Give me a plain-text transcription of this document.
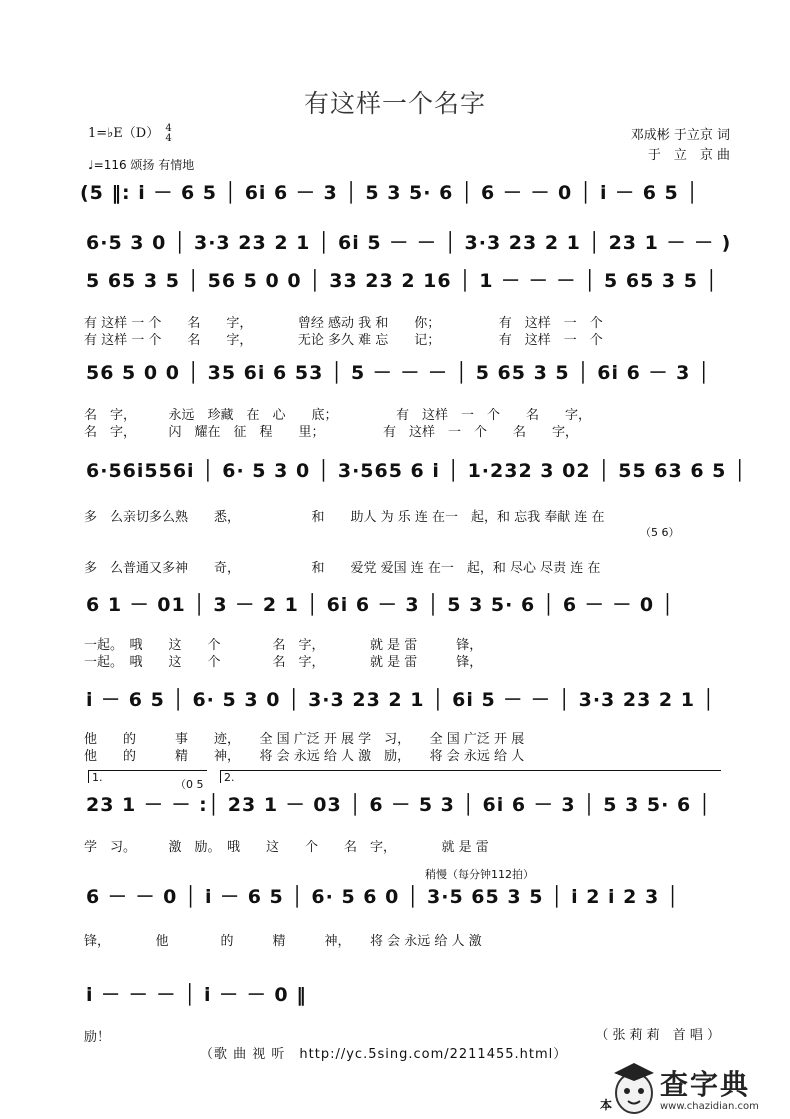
有这样一个名字
1=♭E（D） 4
4
♩=116 颂扬 有情地
邓成彬 于立京 词
于　立　京 曲
(5 ‖: i － 6 5 │ 6i 6 － 3 │ 5 3 5· 6 │ 6 － － 0 │ i － 6 5 │
6·5 3 0 │ 3·3 23 2 1 │ 6i 5 － － │ 3·3 23 2 1 │ 23 1 － － )
5 65 3 5 │ 56 5 0 0 │ 33 23 2 16 │ 1 － － － │ 5 65 3 5 │
56 5 0 0 │ 35 6i 6 53 │ 5 － － － │ 5 65 3 5 │ 6i 6 － 3 │
6·56i556i │ 6· 5 3 0 │ 3·565 6 i │ 1·232 3 02 │ 55 63 6 5 │
6 1 － 01 │ 3 － 2 1 │ 6i 6 － 3 │ 5 3 5· 6 │ 6 － － 0 │
i － 6 5 │ 6· 5 3 0 │ 3·3 23 2 1 │ 6i 5 － － │ 3·3 23 2 1 │
23 1 － － :│ 23 1 － 03 │ 6 － 5 3 │ 6i 6 － 3 │ 5 3 5· 6 │
6 － － 0 │ i － 6 5 │ 6· 5 6 0 │ 3·5 65 3 5 │ i 2 i 2 3 │
i － － － │ i － － 0 ‖
1.
（0 5
2.
稍慢（每分钟112拍）
有 这样 一 个　　名　　字，　　　　曾经 感动 我 和　　你；　　　　　有　这样　一　个
有 这样 一 个　　名　　字，　　　　无论 多久 难 忘　　记；　　　　　有　这样　一　个
名　字，　　　永远　珍藏　在　心　　底；　　　　　有　这样　一　个　　名　　字，
名　字，　　　闪　耀在　征　程　　里；　　　　　有　这样　一　个　　名　　字，
多　么亲切多么熟　　悉，　　　　　　和　　助人 为 乐 连 在一　起，和 忘我 奉献 连 在
（5 6）
多　么普通又多神　　奇，　　　　　　和　　爱党 爱国 连 在一　起，和 尽心 尽责 连 在
一起。　哦　　这　　个　　　　名　字，　　　　就 是 雷　　　锋，
一起。　哦　　这　　个　　　　名　字，　　　　就 是 雷　　　锋，
他　　的　　　事　　迹，　　全 国 广泛 开 展 学　习，　　全 国 广泛 开 展
他　　的　　　精　　神，　　将 会 永远 给 人 激　励，　　将 会 永远 给 人
学　习。　　　激　励。　哦　　这　　个　　名　字，　　　　就 是 雷
锋，　　　　他　　　　的　　　精　　　神，　　将 会 永远 给 人 激
励！	（ 张 莉 莉　首 唱 ）
（歌 曲 视 听　http://yc.5sing.com/2211455.html）
本
查字典
www.chazidian.com
